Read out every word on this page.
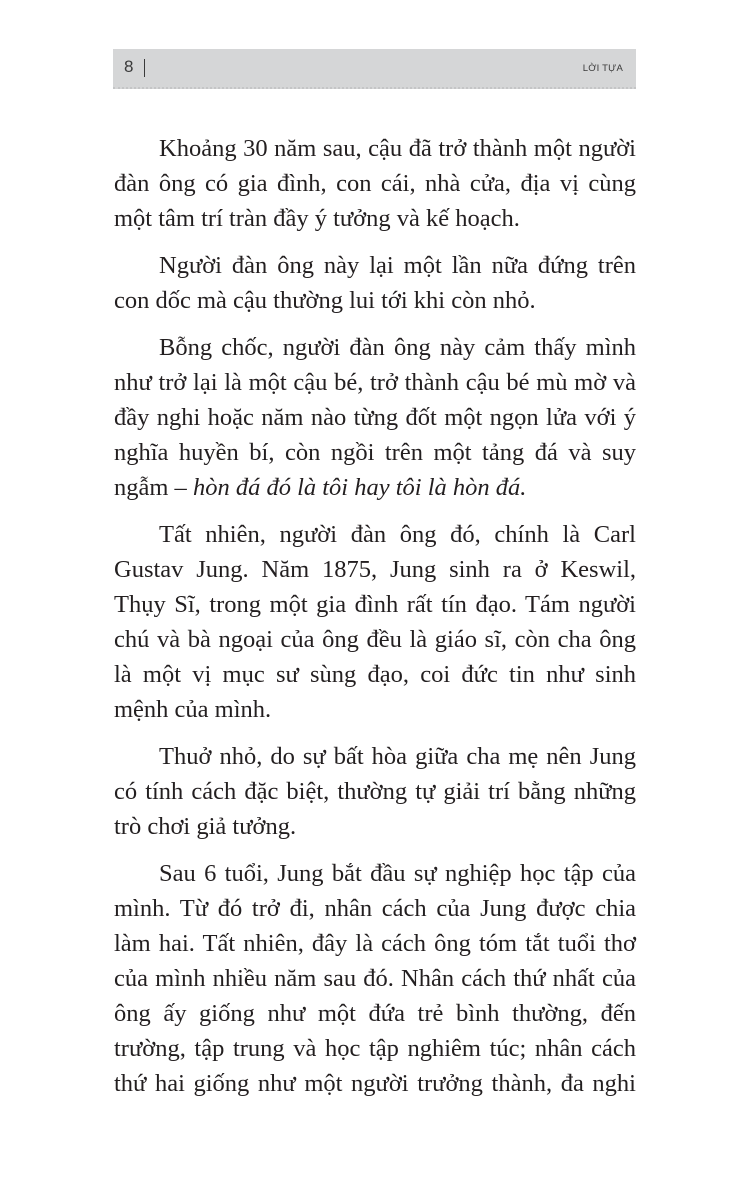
8	LỜI TỰA

Khoảng 30 năm sau, cậu đã trở thành một người đàn ông có gia đình, con cái, nhà cửa, địa vị cùng một tâm trí tràn đầy ý tưởng và kế hoạch.

Người đàn ông này lại một lần nữa đứng trên con dốc mà cậu thường lui tới khi còn nhỏ.

Bỗng chốc, người đàn ông này cảm thấy mình như trở lại là một cậu bé, trở thành cậu bé mù mờ và đầy nghi hoặc năm nào từng đốt một ngọn lửa với ý nghĩa huyền bí, còn ngồi trên một tảng đá và suy ngẫm – hòn đá đó là tôi hay tôi là hòn đá.

Tất nhiên, người đàn ông đó, chính là Carl Gustav Jung. Năm 1875, Jung sinh ra ở Keswil, Thụy Sĩ, trong một gia đình rất tín đạo. Tám người chú và bà ngoại của ông đều là giáo sĩ, còn cha ông là một vị mục sư sùng đạo, coi đức tin như sinh mệnh của mình.

Thuở nhỏ, do sự bất hòa giữa cha mẹ nên Jung có tính cách đặc biệt, thường tự giải trí bằng những trò chơi giả tưởng.

Sau 6 tuổi, Jung bắt đầu sự nghiệp học tập của mình. Từ đó trở đi, nhân cách của Jung được chia làm hai. Tất nhiên, đây là cách ông tóm tắt tuổi thơ của mình nhiều năm sau đó. Nhân cách thứ nhất của ông ấy giống như một đứa trẻ bình thường, đến trường, tập trung và học tập nghiêm túc; nhân cách thứ hai giống như một người trưởng thành, đa nghi
